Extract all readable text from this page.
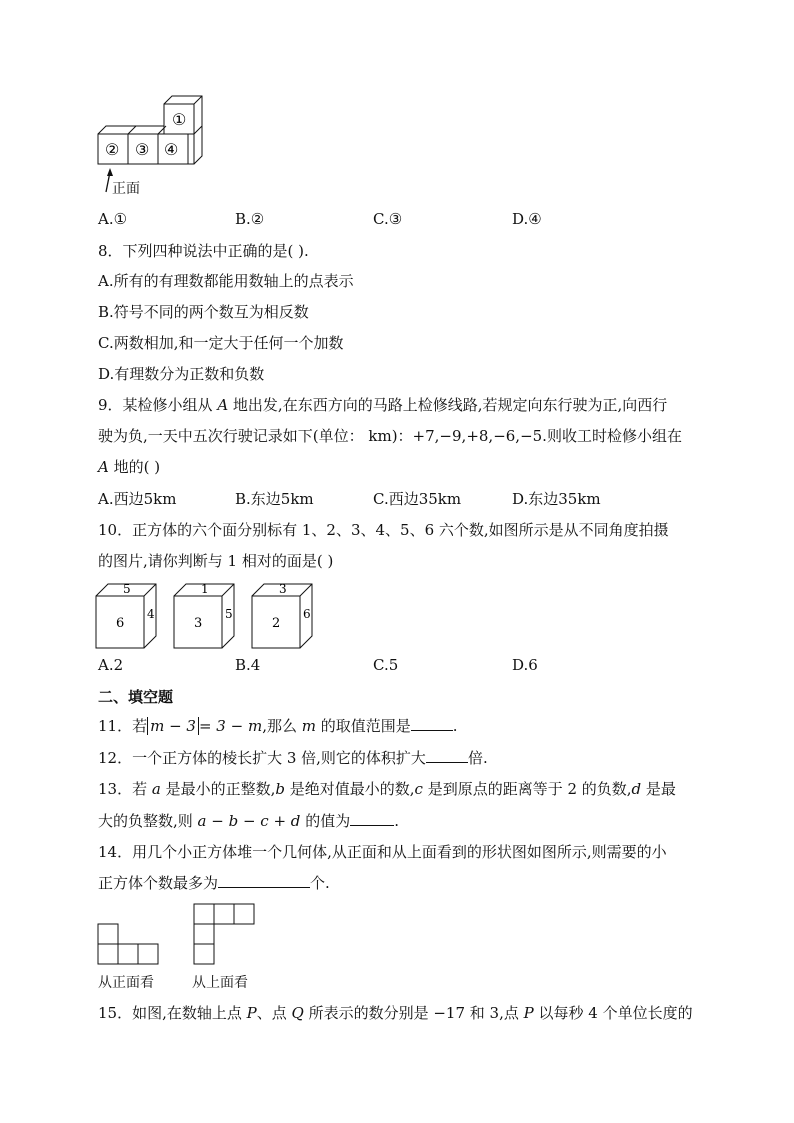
①
② ③ ④
正面
A.①	B.②	C.③	D.④
8．下列四种说法中正确的是( ).
A.所有的有理数都能用数轴上的点表示
B.符号不同的两个数互为相反数
C.两数相加,和一定大于任何一个加数
D.有理数分为正数和负数
9．某检修小组从 A 地出发,在东西方向的马路上检修线路,若规定向东行驶为正,向西行
驶为负,一天中五次行驶记录如下(单位： km)：+7,−9,+8,−6,−5.则收工时检修小组在
A 地的( )
A.西边5km	B.东边5km	C.西边35km	D.东边35km
10．正方体的六个面分别标有 1、2、3、4、5、6 六个数,如图所示是从不同角度拍摄
的图片,请你判断与 1 相对的面是( )
5
6
4
1
3
5
3
2
6
A.2	B.4	C.5	D.6
二、填空题
11．若 m − 3 = 3 − m,那么 m 的取值范围是	.
12．一个正方体的棱长扩大 3 倍,则它的体积扩大	倍.
13．若 a 是最小的正整数,b 是绝对值最小的数,c 是到原点的距离等于 2 的负数,d 是最
大的负整数,则 a − b − c + d 的值为	.
14．用几个小正方体堆一个几何体,从正面和从上面看到的形状图如图所示,则需要的小
正方体个数最多为	个.
从正面看	从上面看
15．如图,在数轴上点 P、点 Q 所表示的数分别是 −17 和 3,点 P 以每秒 4 个单位长度的
